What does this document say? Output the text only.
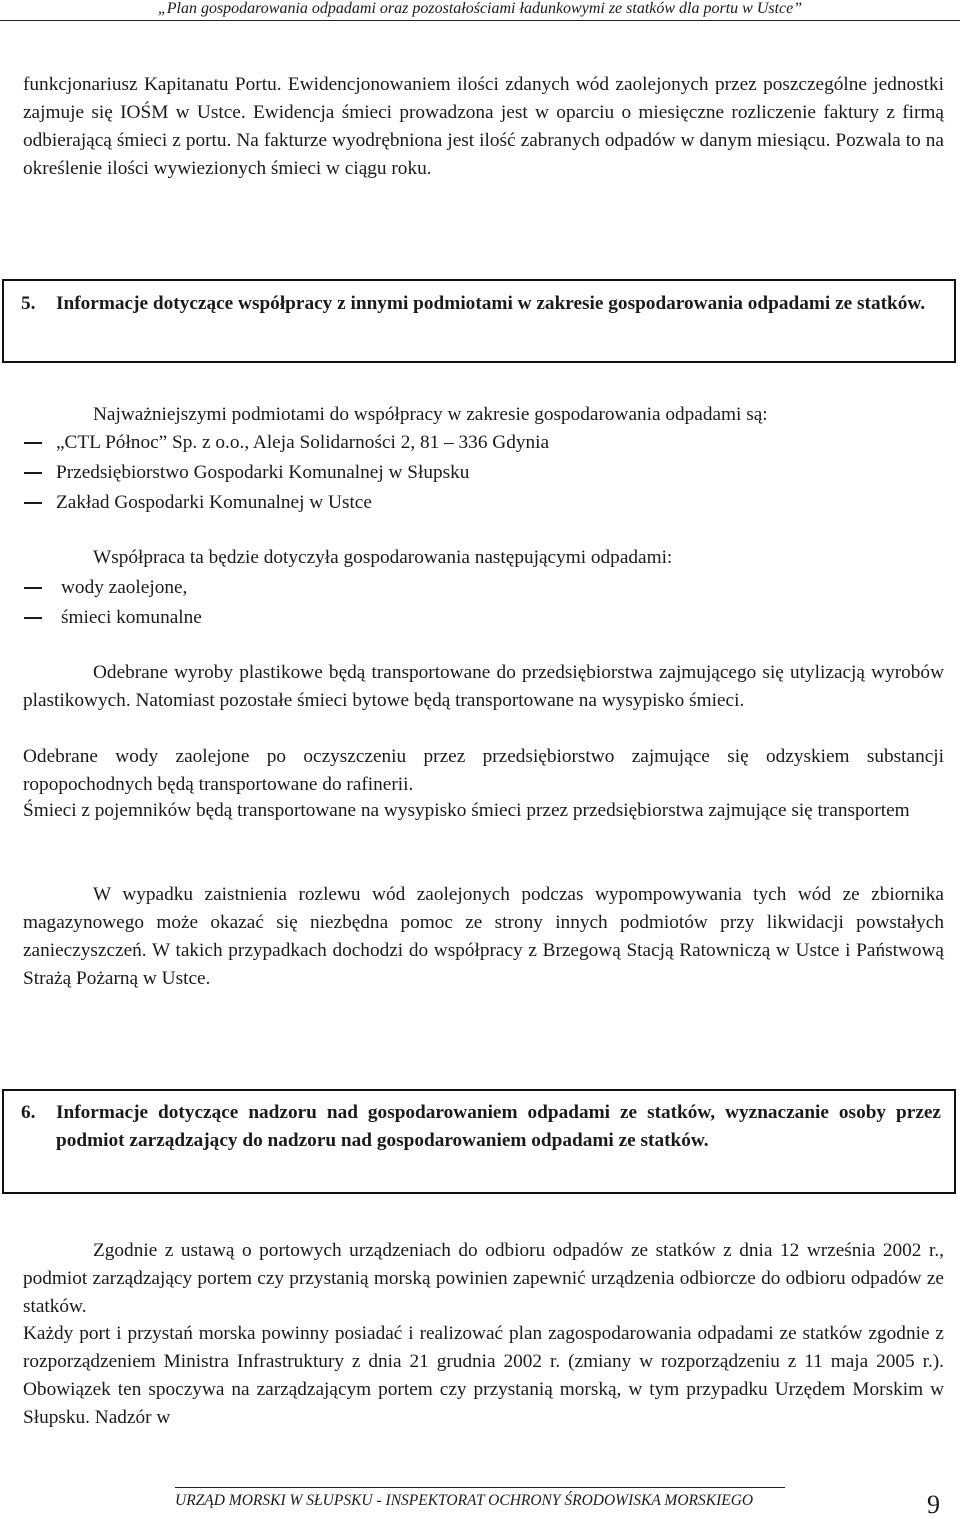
„Plan gospodarowania odpadami oraz pozostałościami ładunkowymi ze statków dla portu w Ustce”

funkcjonariusz Kapitanatu Portu. Ewidencjonowaniem ilości zdanych wód zaolejonych przez poszczególne jednostki zajmuje się IOŚM w Ustce. Ewidencja śmieci prowadzona jest w oparciu o miesięczne rozliczenie faktury z firmą odbierającą śmieci z portu. Na fakturze wyodrębniona jest ilość zabranych odpadów w danym miesiącu. Pozwala to na określenie ilości wywiezionych śmieci w ciągu roku.

5. Informacje dotyczące współpracy z innymi podmiotami w zakresie gospodarowania odpadami ze statków.

Najważniejszymi podmiotami do współpracy w zakresie gospodarowania odpadami są:

„CTL Północ” Sp. z o.o., Aleja Solidarności 2, 81 – 336 Gdynia
Przedsiębiorstwo Gospodarki Komunalnej w Słupsku
Zakład Gospodarki Komunalnej w Ustce

Współpraca ta będzie dotyczyła gospodarowania następującymi odpadami:

wody zaolejone,
śmieci komunalne

Odebrane wyroby plastikowe będą transportowane do przedsiębiorstwa zajmującego się utylizacją wyrobów plastikowych. Natomiast pozostałe śmieci bytowe będą transportowane na wysypisko śmieci.

Odebrane wody zaolejone po oczyszczeniu przez przedsiębiorstwo zajmujące się odzyskiem substancji ropopochodnych będą transportowane do rafinerii.

Śmieci z pojemników będą transportowane na wysypisko śmieci przez przedsiębiorstwa zajmujące się transportem

W wypadku zaistnienia rozlewu wód zaolejonych podczas wypompowywania tych wód ze zbiornika magazynowego może okazać się niezbędna pomoc ze strony innych podmiotów przy likwidacji powstałych zanieczyszczeń. W takich przypadkach dochodzi do współpracy z Brzegową Stacją Ratowniczą w Ustce i Państwową Strażą Pożarną w Ustce.

6. Informacje dotyczące nadzoru nad gospodarowaniem odpadami ze statków, wyznaczanie osoby przez podmiot zarządzający do nadzoru nad gospodarowaniem odpadami ze statków.

Zgodnie z ustawą o portowych urządzeniach do odbioru odpadów ze statków z dnia 12 września 2002 r., podmiot zarządzający portem czy przystanią morską powinien zapewnić urządzenia odbiorcze do odbioru odpadów ze statków.

Każdy port i przystań morska powinny posiadać i realizować plan zagospodarowania odpadami ze statków zgodnie z rozporządzeniem Ministra Infrastruktury z dnia 21 grudnia 2002 r. (zmiany w rozporządzeniu z 11 maja 2005 r.). Obowiązek ten spoczywa na zarządzającym portem czy przystanią morską, w tym przypadku Urzędem Morskim w Słupsku. Nadzór w

URZĄD MORSKI W SŁUPSKU - INSPEKTORAT OCHRONY ŚRODOWISKA MORSKIEGO	9
